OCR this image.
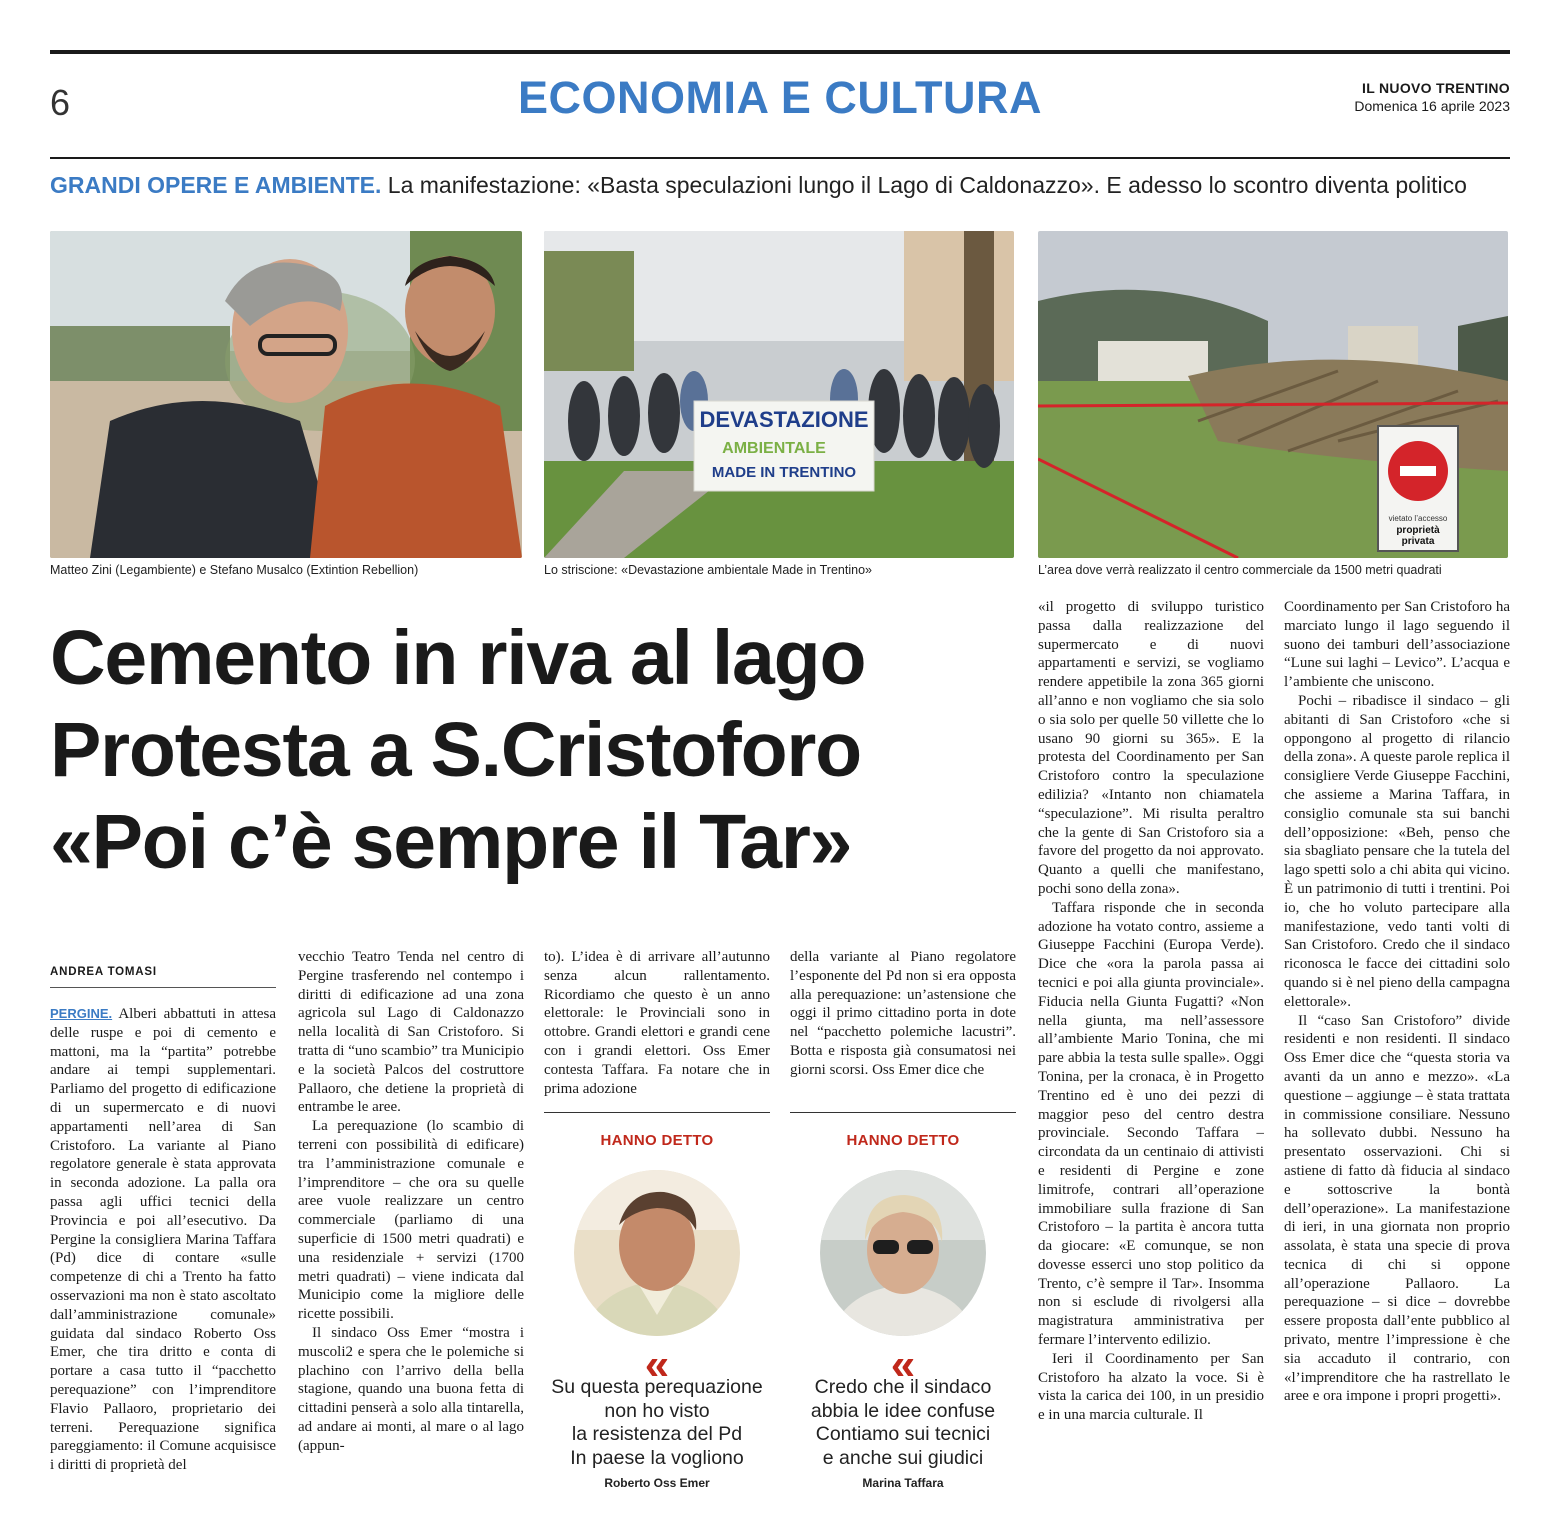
6	ECONOMIA E CULTURA	IL NUOVO TRENTINO
Domenica 16 aprile 2023
GRANDI OPERE E AMBIENTE. La manifestazione: «Basta speculazioni lungo il Lago di Caldonazzo». E adesso lo scontro diventa politico
Matteo Zini (Legambiente) e Stefano Musalco (Extintion Rebellion)
DEVASTAZIONE
AMBIENTALE
MADE IN TRENTINO
Lo striscione: «Devastazione ambientale Made in Trentino»
vietato l’accesso
proprietà
privata
L’area dove verrà realizzato il centro commerciale da 1500 metri quadrati
Cemento in riva al lago
Protesta a S.Cristoforo
«Poi c’è sempre il Tar»
ANDREA TOMASI

PERGINE. Alberi abbattuti in attesa delle ruspe e poi di cemento e mattoni, ma la “partita” potrebbe andare ai tempi supplementari. Parliamo del progetto di edificazione di un supermercato e di nuovi appartamenti nell’area di San Cristoforo. La variante al Piano regolatore generale è stata approvata in seconda adozione. La palla ora passa agli uffici tecnici della Provincia e poi all’esecutivo. Da Pergine la consigliera Marina Taffara (Pd) dice di contare «sulle competenze di chi a Trento ha fatto osservazioni ma non è stato ascoltato dall’amministrazione comunale» guidata dal sindaco Roberto Oss Emer, che tira dritto e conta di portare a casa tutto il “pacchetto perequazione” con l’imprenditore Flavio Pallaoro, proprietario dei terreni. Perequazione significa pareggiamento: il Comune acquisisce i diritti di proprietà del

vecchio Teatro Tenda nel centro di Pergine trasferendo nel contempo i diritti di edificazione ad una zona agricola sul Lago di Caldonazzo nella località di San Cristoforo. Si tratta di “uno scambio” tra Municipio e la società Palcos del costruttore Pallaoro, che detiene la proprietà di entrambe le aree.

La perequazione (lo scambio di terreni con possibilità di edificare) tra l’amministrazione comunale e l’imprenditore – che ora su quelle aree vuole realizzare un centro commerciale (parliamo di una superficie di 1500 metri quadrati) e una residenziale + servizi (1700 metri quadrati) – viene indicata dal Municipio come la migliore delle ricette possibili.

Il sindaco Oss Emer “mostra i muscoli2 e spera che le polemiche si plachino con l’arrivo della bella stagione, quando una buona fetta di cittadini penserà a solo alla tintarella, ad andare ai monti, al mare o al lago (appun-

to). L’idea è di arrivare all’autunno senza alcun rallentamento. Ricordiamo che questo è un anno elettorale: le Provinciali sono in ottobre. Grandi elettori e grandi cene con i grandi elettori. Oss Emer contesta Taffara. Fa notare che in prima adozione

della variante al Piano regolatore l’esponente del Pd non si era opposta alla perequazione: un’astensione che oggi il primo cittadino porta in dote nel “pacchetto polemiche lacustri”. Botta e risposta già consumatosi nei giorni scorsi. Oss Emer dice che

HANNO DETTO
«
Su questa perequazione
non ho visto
la resistenza del Pd
In paese la vogliono
Roberto Oss Emer
HANNO DETTO
«
Credo che il sindaco
abbia le idee confuse
Contiamo sui tecnici
e anche sui giudici
Marina Taffara

«il progetto di sviluppo turistico passa dalla realizzazione del supermercato e di nuovi appartamenti e servizi, se vogliamo rendere appetibile la zona 365 giorni all’anno e non vogliamo che sia solo o sia solo per quelle 50 villette che lo usano 90 giorni su 365». E la protesta del Coordinamento per San Cristoforo contro la speculazione edilizia? «Intanto non chiamatela “speculazione”. Mi risulta peraltro che la gente di San Cristoforo sia a favore del progetto da noi approvato. Quanto a quelli che manifestano, pochi sono della zona».

Taffara risponde che in seconda adozione ha votato contro, assieme a Giuseppe Facchini (Europa Verde). Dice che «ora la parola passa ai tecnici e poi alla giunta provinciale». Fiducia nella Giunta Fugatti? «Non nella giunta, ma nell’assessore all’ambiente Mario Tonina, che mi pare abbia la testa sulle spalle». Oggi Tonina, per la cronaca, è in Progetto Trentino ed è uno dei pezzi di maggior peso del centro destra provinciale. Secondo Taffara – circondata da un centinaio di attivisti e residenti di Pergine e zone limitrofe, contrari all’operazione immobiliare sulla frazione di San Cristoforo – la partita è ancora tutta da giocare: «E comunque, se non dovesse esserci uno stop politico da Trento, c’è sempre il Tar». Insomma non si esclude di rivolgersi alla magistratura amministrativa per fermare l’intervento edilizio.

Ieri il Coordinamento per San Cristoforo ha alzato la voce. Si è vista la carica dei 100, in un presidio e in una marcia culturale. Il

Coordinamento per San Cristoforo ha marciato lungo il lago seguendo il suono dei tamburi dell’associazione “Lune sui laghi – Levico”. L’acqua e l’ambiente che uniscono.

Pochi – ribadisce il sindaco – gli abitanti di San Cristoforo «che si oppongono al progetto di rilancio della zona». A queste parole replica il consigliere Verde Giuseppe Facchini, che assieme a Marina Taffara, in consiglio comunale sta sui banchi dell’opposizione: «Beh, penso che sia sbagliato pensare che la tutela del lago spetti solo a chi abita qui vicino. È un patrimonio di tutti i trentini. Poi io, che ho voluto partecipare alla manifestazione, vedo tanti volti di San Cristoforo. Credo che il sindaco riconosca le facce dei cittadini solo quando si è nel pieno della campagna elettorale».

Il “caso San Cristoforo” divide residenti e non residenti. Il sindaco Oss Emer dice che “questa storia va avanti da un anno e mezzo». «La questione – aggiunge – è stata trattata in commissione consiliare. Nessuno ha sollevato dubbi. Nessuno ha presentato osservazioni. Chi si astiene di fatto dà fiducia al sindaco e sottoscrive la bontà dell’operazione». La manifestazione di ieri, in una giornata non proprio assolata, è stata una specie di prova tecnica di chi si oppone all’operazione Pallaoro. La perequazione – si dice – dovrebbe essere proposta dall’ente pubblico al privato, mentre l’impressione è che sia accaduto il contrario, con «l’imprenditore che ha rastrellato le aree e ora impone i propri progetti».
